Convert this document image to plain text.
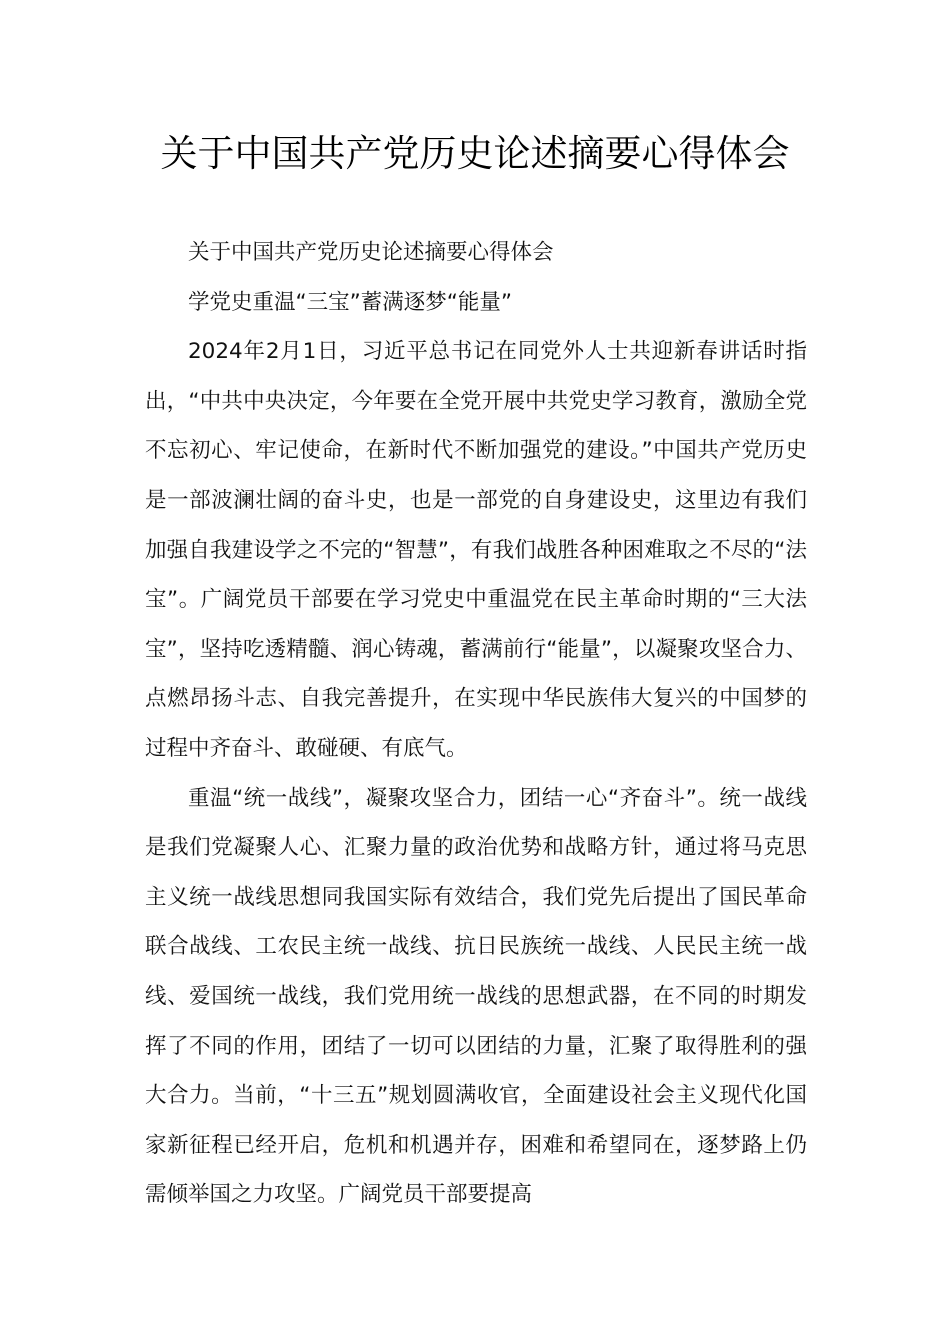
关于中国共产党历史论述摘要心得体会

关于中国共产党历史论述摘要心得体会

学党史重温“三宝”蓄满逐梦“能量”

2024年2月1日，习近平总书记在同党外人士共迎新春讲话时指出，“中共中央决定，今年要在全党开展中共党史学习教育，激励全党不忘初心、牢记使命，在新时代不断加强党的建设。”中国共产党历史是一部波澜壮阔的奋斗史，也是一部党的自身建设史，这里边有我们加强自我建设学之不完的“智慧”，有我们战胜各种困难取之不尽的“法宝”。广阔党员干部要在学习党史中重温党在民主革命时期的“三大法宝”，坚持吃透精髓、润心铸魂，蓄满前行“能量”，以凝聚攻坚合力、点燃昂扬斗志、自我完善提升，在实现中华民族伟大复兴的中国梦的过程中齐奋斗、敢碰硬、有底气。

重温“统一战线”，凝聚攻坚合力，团结一心“齐奋斗”。统一战线是我们党凝聚人心、汇聚力量的政治优势和战略方针，通过将马克思主义统一战线思想同我国实际有效结合，我们党先后提出了国民革命联合战线、工农民主统一战线、抗日民族统一战线、人民民主统一战线、爱国统一战线，我们党用统一战线的思想武器，在不同的时期发挥了不同的作用，团结了一切可以团结的力量，汇聚了取得胜利的强大合力。当前，“十三五”规划圆满收官，全面建设社会主义现代化国家新征程已经开启，危机和机遇并存，困难和希望同在，逐梦路上仍需倾举国之力攻坚。广阔党员干部要提高
